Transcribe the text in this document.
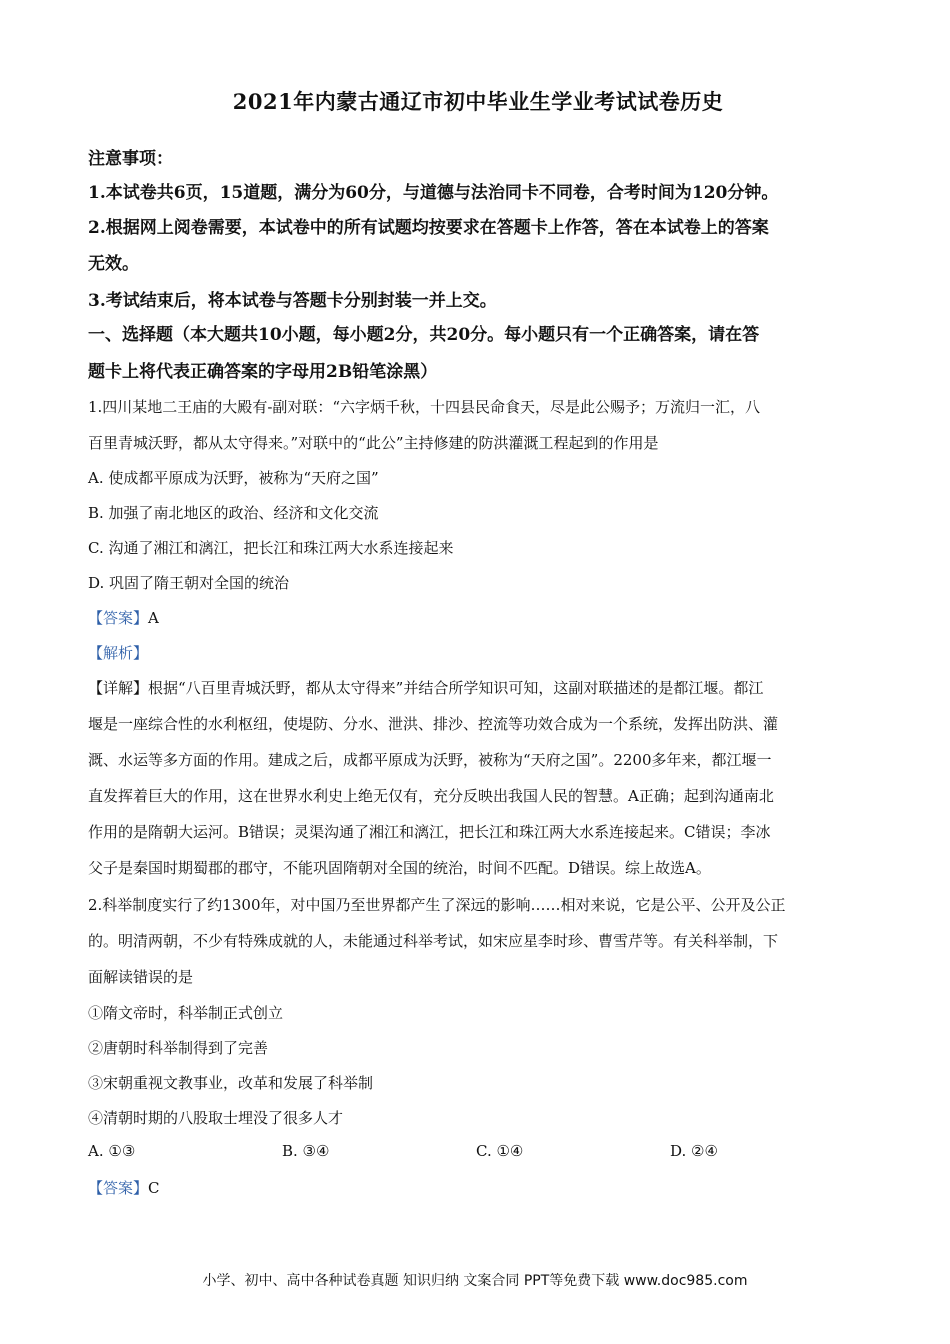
2021年内蒙古通辽市初中毕业生学业考试试卷历史
注意事项：
1.本试卷共6页，15道题，满分为60分，与道德与法治同卡不同卷，合考时间为120分钟。
2.根据网上阅卷需要，本试卷中的所有试题均按要求在答题卡上作答，答在本试卷上的答案
无效。
3.考试结束后，将本试卷与答题卡分别封装一并上交。
一、选择题（本大题共10小题，每小题2分，共20分。每小题只有一个正确答案，请在答
题卡上将代表正确答案的字母用2B铅笔涂黑）
1.四川某地二王庙的大殿有-副对联：“六字炳千秋，十四县民命食天，尽是此公赐予；万流归一汇，八
百里青城沃野，都从太守得来。”对联中的“此公”主持修建的防洪灌溉工程起到的作用是
A. 使成都平原成为沃野，被称为“天府之国”
B. 加强了南北地区的政治、经济和文化交流
C. 沟通了湘江和漓江，把长江和珠江两大水系连接起来
D. 巩固了隋王朝对全国的统治
【答案】A
【解析】
【详解】根据“八百里青城沃野，都从太守得来”并结合所学知识可知，这副对联描述的是都江堰。都江
堰是一座综合性的水利枢纽，使堤防、分水、泄洪、排沙、控流等功效合成为一个系统，发挥出防洪、灌
溉、水运等多方面的作用。建成之后，成都平原成为沃野，被称为“天府之国”。2200多年来，都江堰一
直发挥着巨大的作用，这在世界水利史上绝无仅有，充分反映出我国人民的智慧。A正确；起到沟通南北
作用的是隋朝大运河。B错误；灵渠沟通了湘江和漓江，把长江和珠江两大水系连接起来。C错误；李冰
父子是秦国时期蜀郡的郡守，不能巩固隋朝对全国的统治，时间不匹配。D错误。综上故选A。
2.科举制度实行了约1300年，对中国乃至世界都产生了深远的影响……相对来说，它是公平、公开及公正
的。明清两朝，不少有特殊成就的人，未能通过科举考试，如宋应星李时珍、曹雪芹等。有关科举制，下
面解读错误的是
①隋文帝时，科举制正式创立
②唐朝时科举制得到了完善
③宋朝重视文教事业，改革和发展了科举制
④清朝时期的八股取士埋没了很多人才
A. ①③	B. ③④	C. ①④	D. ②④
【答案】C
小学、初中、高中各种试卷真题 知识归纳 文案合同 PPT等免费下载 www.doc985.com
